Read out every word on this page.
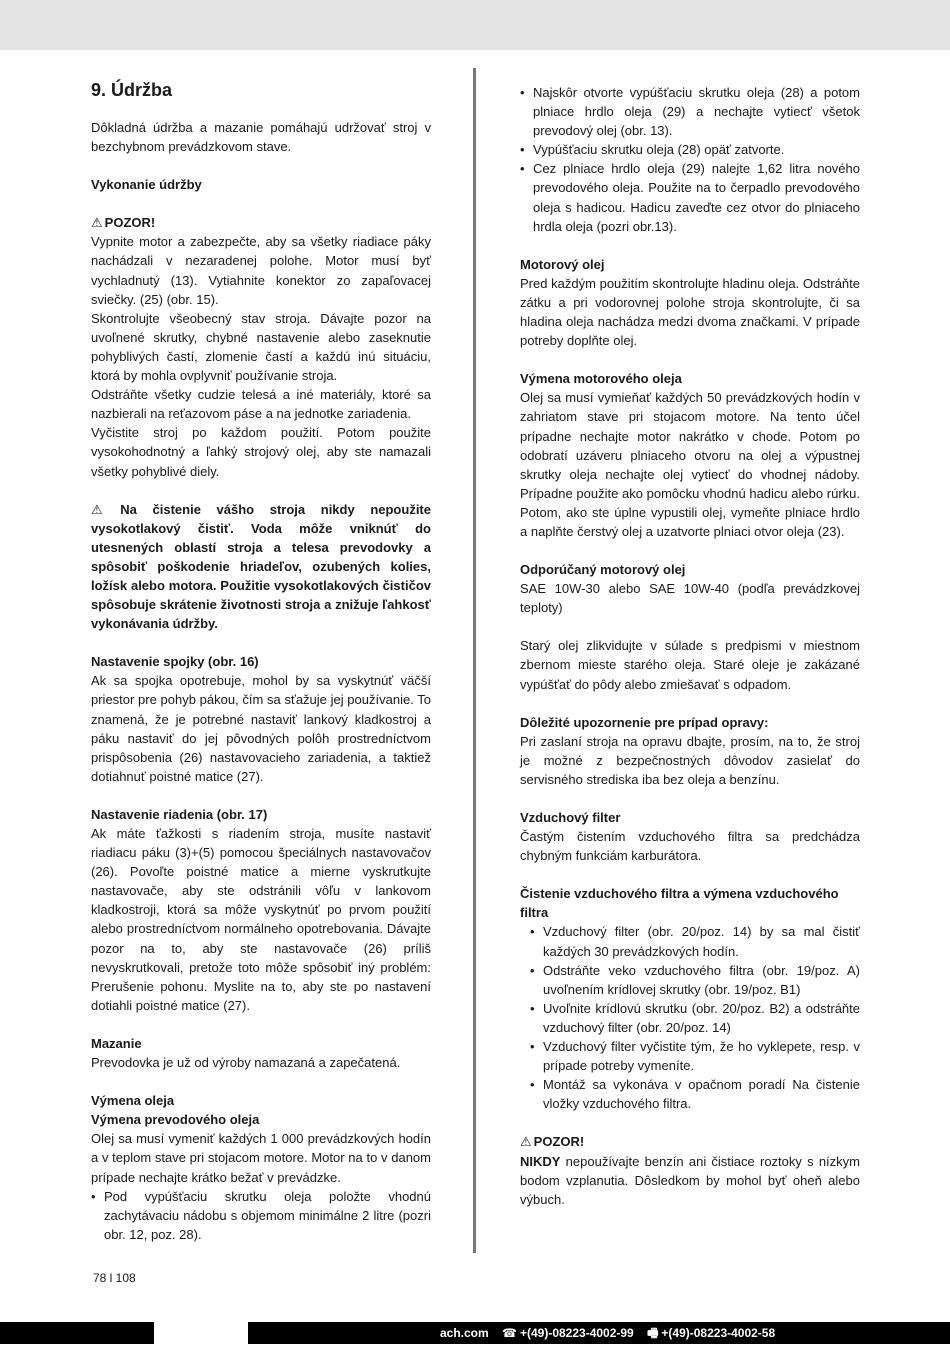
9. Údržba

Dôkladná údržba a mazanie pomáhajú udržovať stroj v bezchybnom prevádzkovom stave.

Vykonanie údržby

⚠ POZOR!

Vypnite motor a zabezpečte, aby sa všetky riadiace páky nachádzali v nezaradenej polohe. Motor musí byť vychladnutý (13). Vytiahnite konektor zo zapaľovacej sviečky. (25) (obr. 15).

Skontrolujte všeobecný stav stroja. Dávajte pozor na uvoľnené skrutky, chybné nastavenie alebo zaseknutie pohyblivých častí, zlomenie častí a každú inú situáciu, ktorá by mohla ovplyvniť používanie stroja.

Odstráňte všetky cudzie telesá a iné materiály, ktoré sa nazbierali na reťazovom páse a na jednotke zariadenia.

Vyčistite stroj po každom použití. Potom použite vysokohodnotný a ľahký strojový olej, aby ste namazali všetky pohyblivé diely.

⚠ Na čistenie vášho stroja nikdy nepoužite vysokotlakový čistiť. Voda môže vniknúť do utesnených oblastí stroja a telesa prevodovky a spôsobiť poškodenie hriadeľov, ozubených kolies, ložísk alebo motora. Použitie vysokotlakových čističov spôsobuje skrátenie životnosti stroja a znižuje ľahkosť vykonávania údržby.

Nastavenie spojky (obr. 16)

Ak sa spojka opotrebuje, mohol by sa vyskytnúť väčší priestor pre pohyb pákou, čím sa sťažuje jej používanie. To znamená, že je potrebné nastaviť lankový kladkostroj a páku nastaviť do jej pôvodných polôh prostredníctvom prispôsobenia (26) nastavovacieho zariadenia, a taktiež dotiahnuť poistné matice (27).

Nastavenie riadenia (obr. 17)

Ak máte ťažkosti s riadením stroja, musíte nastaviť riadiacu páku (3)+(5) pomocou špeciálnych nastavovačov (26). Povoľte poistné matice a mierne vyskrutkujte nastavovače, aby ste odstránili vôľu v lankovom kladkostroji, ktorá sa môže vyskytnúť po prvom použití alebo prostredníctvom normálneho opotrebovania. Dávajte pozor na to, aby ste nastavovače (26) príliš nevyskrutkovali, pretože toto môže spôsobiť iný problém: Prerušenie pohonu. Myslite na to, aby ste po nastavení dotiahli poistné matice (27).

Mazanie

Prevodovka je už od výroby namazaná a zapečatená.

Výmena oleja

Výmena prevodového oleja

Olej sa musí vymeniť každých 1 000 prevádzkových hodín a v teplom stave pri stojacom motore. Motor na to v danom prípade nechajte krátko bežať v prevádzke.

• Pod vypúšťaciu skrutku oleja položte vhodnú zachytávaciu nádobu s objemom minimálne 2 litre (pozri obr. 12, poz. 28).
• Najskôr otvorte vypúšťaciu skrutku oleja (28) a potom plniace hrdlo oleja (29) a nechajte vytiecť všetok prevodový olej (obr. 13).
• Vypúšťaciu skrutku oleja (28) opäť zatvorte.
• Cez plniace hrdlo oleja (29) nalejte 1,62 litra nového prevodového oleja. Použite na to čerpadlo prevodového oleja s hadicou. Hadicu zaveďte cez otvor do plniaceho hrdla oleja (pozri obr.13).

Motorový olej

Pred každým použitím skontrolujte hladinu oleja. Odstráňte zátku a pri vodorovnej polohe stroja skontrolujte, či sa hladina oleja nachádza medzi dvoma značkami. V prípade potreby doplňte olej.

Výmena motorového oleja

Olej sa musí vymieňať každých 50 prevádzkových hodín v zahriatom stave pri stojacom motore. Na tento účel prípadne nechajte motor nakrátko v chode. Potom po odobratí uzáveru plniaceho otvoru na olej a výpustnej skrutky oleja nechajte olej vytiecť do vhodnej nádoby. Prípadne použite ako pomôcku vhodnú hadicu alebo rúrku. Potom, ako ste úplne vypustili olej, vymeňte plniace hrdlo a naplňte čerstvý olej a uzatvorte plniaci otvor oleja (23).

Odporúčaný motorový olej

SAE 10W-30 alebo SAE 10W-40 (podľa prevádzkovej teploty)

Starý olej zlikvidujte v súlade s predpismi v miestnom zbernom mieste starého oleja. Staré oleje je zakázané vypúšťať do pôdy alebo zmiešavať s odpadom.

Dôležité upozornenie pre prípad opravy:

Pri zaslaní stroja na opravu dbajte, prosím, na to, že stroj je možné z bezpečnostných dôvodov zasielať do servisného strediska iba bez oleja a benzínu.

Vzduchový filter

Častým čistením vzduchového filtra sa predchádza chybným funkciám karburátora.

Čistenie vzduchového filtra a výmena vzduchového filtra

• Vzduchový filter (obr. 20/poz. 14) by sa mal čistiť každých 30 prevádzkových hodín.
• Odstráňte veko vzduchového filtra (obr. 19/poz. A) uvoľnením krídlovej skrutky (obr. 19/poz. B1)
• Uvoľnite krídlovú skrutku (obr. 20/poz. B2) a odstráňte vzduchový filter (obr. 20/poz. 14)
• Vzduchový filter vyčistite tým, že ho vyklepete, resp. v prípade potreby vymeníte.
• Montáž sa vykonáva v opačnom poradí Na čistenie vložky vzduchového filtra.

⚠ POZOR!

NIKDY nepoužívajte benzín ani čistiace roztoky s nízkym bodom vzplanutia. Dôsledkom by mohol byť oheň alebo výbuch.

78 l 108
ach.com ☎ +(49)-08223-4002-99 🖷 +(49)-08223-4002-58
